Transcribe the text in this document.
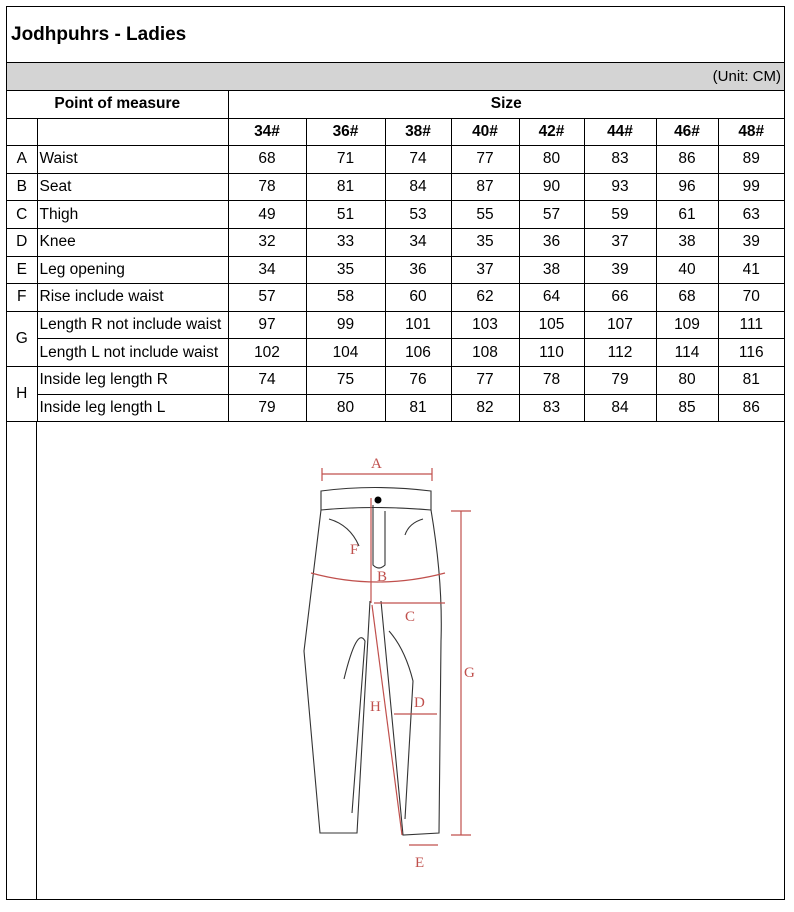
Jodhpuhrs - Ladies
(Unit: CM)
Point of measure		Size							
		34#	36#	38#	40#	42#	44#	46#	48#
A	Waist	68	71	74	77	80	83	86	89
B	Seat	78	81	84	87	90	93	96	99
C	Thigh	49	51	53	55	57	59	61	63
D	Knee	32	33	34	35	36	37	38	39
E	Leg opening	34	35	36	37	38	39	40	41
F	Rise include waist	57	58	60	62	64	66	68	70
G	Length R not include waist	97	99	101	103	105	107	109	111
	Length L not include waist	102	104	106	108	110	112	114	116
H	Inside leg length R	74	75	76	77	78	79	80	81
	Inside leg length L	79	80	81	82	83	84	85	86
A
B
C
D
E
F
G
H
